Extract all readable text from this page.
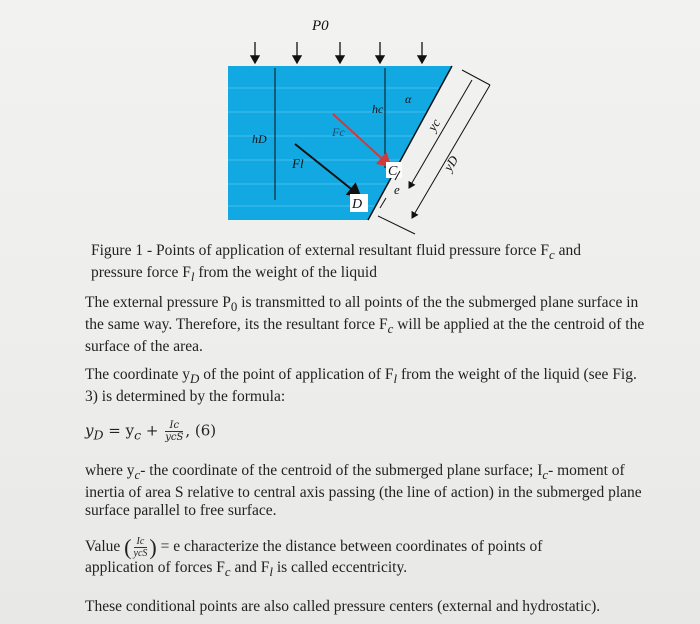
P0
hD
hc
α
Fc
Fl
C
D
e
yc
yD
Figure 1 - Points of application of external resultant fluid pressure force $F_c$ and
pressure force $F_l$ from the weight of the liquid
The external pressure $P_0$ is transmitted to all points of the the submerged plane surface in the same way. Therefore, its the resultant force $F_c$ will be applied at the the centroid of the surface of the area.
The coordinate $y_D$ of the point of application of $F_l$ from the weight of the liquid (see Fig. 3) is determined by the formula:
$y_D = y_c + \frac{Ic}{\text{ycS}}$ , (6)
where $y_c-$ the coordinate of the centroid of the submerged plane surface; $I_c-$ moment of inertia of area S relative to central axis passing (the line of action) in the submerged plane surface parallel to free surface.
Value ( $\frac{Ic}{\text{ycS}}$ ) = e characterize the distance between coordinates of points of
application of forces $F_c$ and $F_l$ is called eccentricity.
These conditional points are also called pressure centers (external and hydrostatic).
